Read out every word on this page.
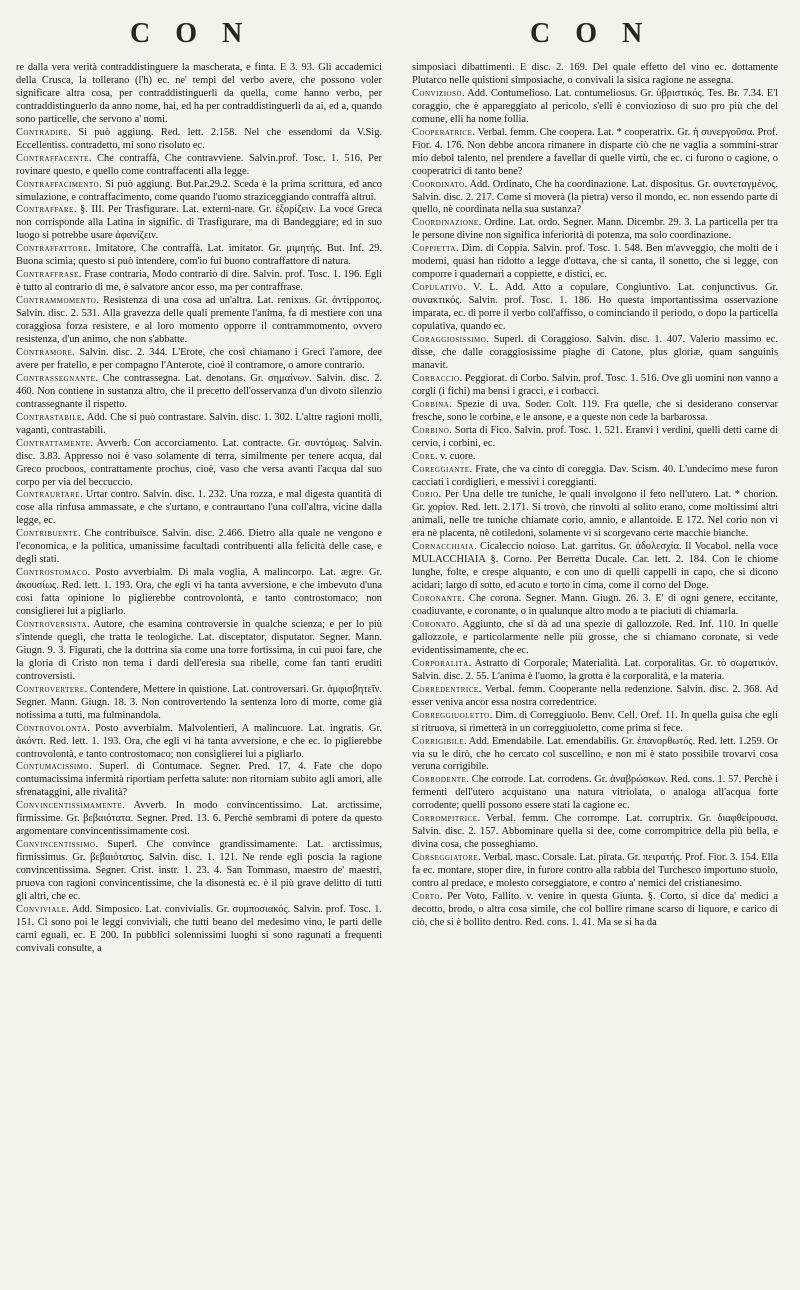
C O N	C O N

re dalla vera verità contraddistinguere la mascherata, e finta. E 3. 93. Gli accademici della Crusca, la tolleranо (l'h) ec. ne' tempi del verbo avere, che possono voler significare altra cosa, per contraddistinguerli da quella, come hanno verbo, per contraddistinguerlo da anno nome, hai, ed ha per contraddistinguerli da ai, ed a, quando sono particelle, che servono a' nomi.

Contradire. Si può aggiung. Red. lett. 2.158. Nel che essendomi da V.Sig. Eccellentiss. contradetto, mi sono risoluto ec.

Contraffacente. Che contraffà, Che contravviene. Salvin.prof. Tosc. 1. 516. Per rovinare questo, e quello come contraffacenti alla legge.

Contraffacimento. Si può aggiung. But.Par.29.2. Sceda è la prima scrittura, ed anco simulazione, e contraffacimento, come quando l'uomo straziceggiando contraffà altrui.

Contraffare. §. III. Per Trasfigurare. Lat. externi-nare. Gr. ἐξορίζειν. La voce Greca non corrisponde alla Latina in signific. di Trasfigurare, ma di Bandeggiare; ed in suo luogo si potrebbe usare ἀφανίζειν.

Contraffattore. Imitatore, Che contraffà. Lat. imitator. Gr. μιμητής. But. Inf. 29. Buona scimia; questo si può intendere, com'io fui buono contraffattore di natura.

Contraffrase. Frase contraria, Modo contrario di dire. Salvin. prof. Tosc. 1. 196. Egli è tutto al contrario di me, è salvatore ancor esso, ma per contraffrase.

Contrammomento. Resistenza di una cosa ad un'altra. Lat. renixus. Gr. ἀντίρροπος. Salvin. disc. 2. 531. Alla gravezza delle quali premente l'anima, fa di mestiere con una coraggiosa forza resistere, e al loro momento opporre il contrammomento, ovvero resistenza, d'un animo, che non s'abbatte.

Contramore. Salvin. disc. 2. 344. L'Erote, che così chiamano i Greci l'amore, dee avere per fratello, e per compagno l'Anterote, cioè il contramore, o amore contrario.

Contrassegnante. Che contrassegna. Lat. denotans. Gr. σημαίνων. Salvin. disc. 2. 460. Non contiene in sustanza altro, che il precetto dell'osservanza d'un divoto silenzio contrassegnante il rispetto.

Contrastabile. Add. Che si può contrastare. Salvin. disc. 1. 302. L'altre ragioni molli, vaganti, contrastabili.

Contrattamente. Avverb. Con accorciamento. Lat. contracte. Gr. συντόμως. Salvin. disc. 3.83. Appresso noi è vaso solamente di terra, similmente per tenere acqua, dal Greco procboos, contrattamente prochus, cioè, vaso che versa avanti l'acqua dal suo corpo per via del beccuccio.

Contraurtare. Urtar contro. Salvin. disc. 1. 232. Una rozza, e mal digesta quantità di cose alla rinfusa ammassate, e che s'urtano, e contraurtano l'una coll'altra, vicine dalla legge, ec.

Contribuente. Che contribuisce. Salvin. disc. 2.466. Dietro alla quale ne vengono e l'economica, e la politica, umanissime facultadi contribuenti alla felicità delle case, e degli stati.

Controstomaco. Posto avverbialm. Di mala voglia, A malincorpo. Lat. ægre. Gr. ἀκουσίως. Red. lett. 1. 193. Ora, che egli vi ha tanta avversione, e che imbevuto d'una così fatta opinione lo piglierebbe controvolontà, e tanto controstomaco; non consiglierei lui a pigliarlo.

Controversista. Autore, che esamina controversie in qualche scienza; e per lo più s'intende quegli, che tratta le teologiche. Lat. disceptator, disputator. Segner. Mann. Giugn. 9. 3. Figurati, che la dottrina sia come una torre fortissima, in cui puoi fare, che la gloria di Cristo non tema i dardi dell'eresia sua ribelle, come fan tanti eruditi controversisti.

Controvertere. Contendere, Mettere in quistione. Lat. controversari. Gr. ἀμφισβητεῖν. Segner. Mann. Giugn. 18. 3. Non controvertendo la sentenza loro di morte, come già notissima a tutti, ma fulminandola.

Controvolontà. Posto avverbialm. Malvolentieri, A malincuore. Lat. ingratis. Gr. ἀκόντι. Red. lett. 1. 193. Ora, che egli vi ha tanta avversione, e che ec. lo piglierebbe controvolontà, e tanto controstomaco; non consiglierei lui a pigliarlo.

Contumacissimo. Superl. di Contumace. Segner. Pred. 17. 4. Fate che dopo contumacissima infermità riportiam perfetta salute: non ritorniam subito agli amori, alle sfrenataggini, alle rivalità?

Convincentissimamente. Avverb. In modo convincentissimo. Lat. arctissime, firmissime. Gr. βεβαιότατα. Segner. Pred. 13. 6. Perchè sembrami di potere da questo argomentare convincentissimamente così.

Convincentissimo. Superl. Che convince grandissimamente. Lat. arctissimus, firmissimus. Gr. βεβαιότατος. Salvin. disc. 1. 121. Ne rende egli poscia la ragione convincentissima. Segner. Crist. instr. 1. 23. 4. San Tommaso, maestro de' maestri, pruova con ragioni convincentissime, che la disonestà ec. è il più grave delitto di tutti gli altri, che ec.

Conviviale. Add. Simposico. Lat. convivialis. Gr. συμποσιακός. Salvin. prof. Tosc. 1. 151. Ci sono poi le leggi conviviali, che tutti beano del medesimo vino, le parti delle carni eguali, ec. E 200. In pubblici solennissimi luoghi si sono ragunati a frequenti convivali consulte, a

simposiaci dibattimenti. E disc. 2. 169. Del quale effetto del vino ec. dottamente Plutarco nelle quistioni simposiache, o convivali la sisica ragione ne assegna.

Convizioso. Add. Contumelioso. Lat. contumeliosus. Gr. ὑβριστικός. Tes. Br. 7.34. E'l coraggio, che è appareggiato al pericolo, s'elli è conviozioso di suo pro più che del comune, elli ha nome follia.

Cooperatrice. Verbal. femm. Che coopera. Lat. * cooperatrix. Gr. ἡ συνεργοῦσα. Prof. Fior. 4. 176. Non debbe ancora rimanere in disparte ciò che ne vaglia a sommini-strar mio debol talento, nel prendere a favellar di quelle virtù, che ec. ci furono o cagione, o cooperatrici di tanto bene?

Coordinato. Add. Ordinato, Che ha coordinazione. Lat. dispositus. Gr. συντεταγμένος. Salvin. disc. 2. 217. Come si moverà (la pietra) verso il mondo, ec. non essendo parte di quello, nè coordinata nella sua sustanza?

Coordinazione. Ordine. Lat. ordo. Segner. Mann. Dicembr. 29. 3. La particella per tra le persone divine non significa inferiorità di potenza, ma solo coordinazione.

Coppietta. Dim. di Coppia. Salvin. prof. Tosc. 1. 548. Ben m'avveggio, che molti de i moderni, quasi han ridotto a legge d'ottava, che si canta, il sonetto, che si legge, con comporre i quadernari a coppiette, e distici, ec.

Copulativo. V. L. Add. Atto a copulare, Congiuntivo. Lat. conjunctivus. Gr. συνακτικός. Salvin. prof. Tosc. 1. 186. Ho questa importantissima osservazione imparata, ec. di porre il verbo coll'affisso, o cominciando il periodo, o dopo la particella copulativa, quando ec.

Coraggiosissimo. Superl. di Coraggioso. Salvin. disc. 1. 407. Valerio massimo ec. disse, che dalle coraggiosissime piaghe di Catone, plus gloriæ, quam sanguinis manavit.

Corbaccio. Peggiorat. di Corbo. Salvin. prof. Tosc. 1. 516. Ove gli uomini non vanno a corgli (i fichi) ma bensì i gracci, e i corbacci.

Corbina. Spezie di uva. Soder. Colt. 119. Fra quelle, che si desiderano conservar freschе, sono le corbine, e le ansone, e a queste non cede la barbarossa.

Corbino. Sorta di Fico. Salvin. prof. Tosc. 1. 521. Eranvi i verdini, quelli detti carne di cervio, i corbini, ec.

Core. v. cuore.

Coreggiante. Frate, che va cinto di coreggia. Dav. Scism. 40. L'undecimo mese furon cacciati i cordiglieri, e messivi i coreggianti.

Corio. Per Una delle tre tuniche, le quali involgono il feto nell'utero. Lat. * chorion. Gr. χορίον. Red. lett. 2.171. Si trovò, che rinvolti al solito erano, come moltissimi altri animali, nelle tre tuniche chiamate corio, amnio, e allantoide. E 172. Nel corio non vi era nè placenta, nè cotiledoni, solamente vi si scorgevano certe macchie bianche.

Cornacchiaia. Cicaleccio noioso. Lat. garritus. Gr. ἀδολεσχία. Il Vocabol. nella voce MULACCHIAIA §. Corno. Per Berretta Ducale. Car. lett. 2. 184. Con le chiome lunghe, folte, e crespe alquanto, e con uno di quelli cappelli in capo, che si dicono acidari; largo di sotto, ed acuto e torto in cima, come il corno del Doge.

Coronante. Che corona. Segner. Mann. Giugn. 26. 3. E' di ogni genere, eccitante, coadiuvante, e coronante, o in qualunque altro modo a te piaciuti di chiamarla.

Coronato. Aggiunto, che si dà ad una spezie di gallozzole. Red. Inf. 110. In quelle gallozzole, e particolarmente nelle più grosse, che si chiamano coronate, si vede evidentissimamente, che ec.

Corporalità. Astratto di Corporale; Materialità. Lat. corporalitas. Gr. τὸ σωματικόν. Salvin. disc. 2. 55. L'anima è l'uomo, la grotta è la corporalità, e la materia.

Corredentrice. Verbal. femm. Cooperante nella redenzione. Salvin. disc. 2. 368. Ad esser veniva ancor essa nostra corredentrice.

Correggiuoletto. Dim. di Correggiuolo. Benv. Cell. Oref. 11. In quella guisa che egli si ritruova, si rimetterà in un correggiuoletto, come prima si fece.

Corrigibile. Add. Emendabile. Lat. emendabilis. Gr. ἐπανορθωτός. Red. lett. 1.259. Or via su le dirò, che ho cercato col suscellino, e non mi è stato possibile trovarvi cosa veruna corrigibile.

Corrodente. Che corrode. Lat. corrodens. Gr. ἀναβρώσκων. Red. cons. 1. 57. Perchè i fermenti dell'utero acquistano una natura vitriolata, o analoga all'acqua forte corrodente; quelli possono essere stati la cagione ec.

Corrompitrice. Verbal. femm. Che corrompe. Lat. corruptrix. Gr. διαφθείρουσα. Salvin. disc. 2. 157. Abbominare quella si dee, come corrompitrice della più bella, e divina cosa, che posseghiamo.

Corseggiatore. Verbal. masc. Corsale. Lat. pirata. Gr. πειρατής. Prof. Fior. 3. 154. Ella fa ec. montare, stoper dire, in furore contro alla rabbia del Turchesco importuno stuolo, contro al predace, e molesto corseggiatore, e contro a' nemici del cristianesimo.

Corto. Per Voto, Fallito. v. venire in questa Giunta. §. Corto, si dice da' medici a decotto, brodo, o altra cosa simile, che col bollire rimane scarso di liquore, e carico di ciò, che si è bollito dentro. Red. cons. 1. 41. Ma se si ha da
